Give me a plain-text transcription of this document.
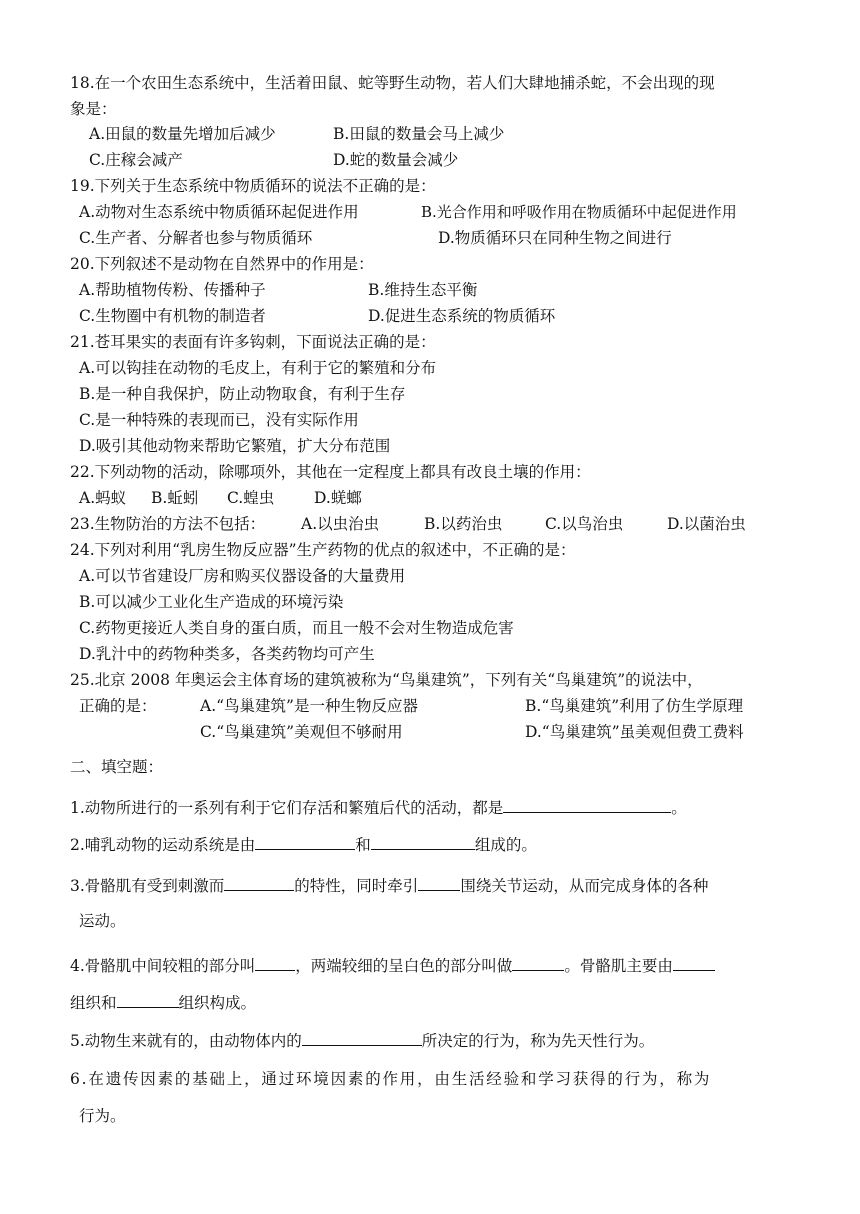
18.在一个农田生态系统中，生活着田鼠、蛇等野生动物，若人们大肆地捕杀蛇，不会出现的现
象是：
A.田鼠的数量先增加后减少	B.田鼠的数量会马上减少
C.庄稼会减产	D.蛇的数量会减少
19.下列关于生态系统中物质循环的说法不正确的是：
A.动物对生态系统中物质循环起促进作用	B.光合作用和呼吸作用在物质循环中起促进作用
C.生产者、分解者也参与物质循环	D.物质循环只在同种生物之间进行
20.下列叙述不是动物在自然界中的作用是：
A.帮助植物传粉、传播种子	B.维持生态平衡
C.生物圈中有机物的制造者	D.促进生态系统的物质循环
21.苍耳果实的表面有许多钩刺，下面说法正确的是：
A.可以钩挂在动物的毛皮上，有利于它的繁殖和分布
B.是一种自我保护，防止动物取食，有利于生存
C.是一种特殊的表现而已，没有实际作用
D.吸引其他动物来帮助它繁殖，扩大分布范围
22.下列动物的活动，除哪项外，其他在一定程度上都具有改良土壤的作用：
A.蚂蚁 B.蚯蚓 C.蝗虫	D.蜣螂
23.生物防治的方法不包括： A.以虫治虫	B.以药治虫	C.以鸟治虫	D.以菌治虫
24.下列对利用“乳房生物反应器”生产药物的优点的叙述中，不正确的是：
A.可以节省建设厂房和购买仪器设备的大量费用
B.可以减少工业化生产造成的环境污染
C.药物更接近人类自身的蛋白质，而且一般不会对生物造成危害
D.乳汁中的药物种类多，各类药物均可产生
25.北京 2008 年奥运会主体育场的建筑被称为“鸟巢建筑”，下列有关“鸟巢建筑”的说法中，
正确的是：	A.“鸟巢建筑”是一种生物反应器	B.“鸟巢建筑”利用了仿生学原理
C.“鸟巢建筑”美观但不够耐用	D.“鸟巢建筑”虽美观但费工费料
二、填空题：
1.动物所进行的一系列有利于它们存活和繁殖后代的活动，都是	。
2.哺乳动物的运动系统是由	和	组成的。
3.骨骼肌有受到刺激而	的特性，同时牵引	围绕关节运动，从而完成身体的各种
运动。
4.骨骼肌中间较粗的部分叫	，两端较细的呈白色的部分叫做	。骨骼肌主要由
组织和	组织构成。
5.动物生来就有的，由动物体内的	所决定的行为，称为先天性行为。
6.在遗传因素的基础上，通过环境因素的作用，由生活经验和学习获得的行为，称为
行为。
